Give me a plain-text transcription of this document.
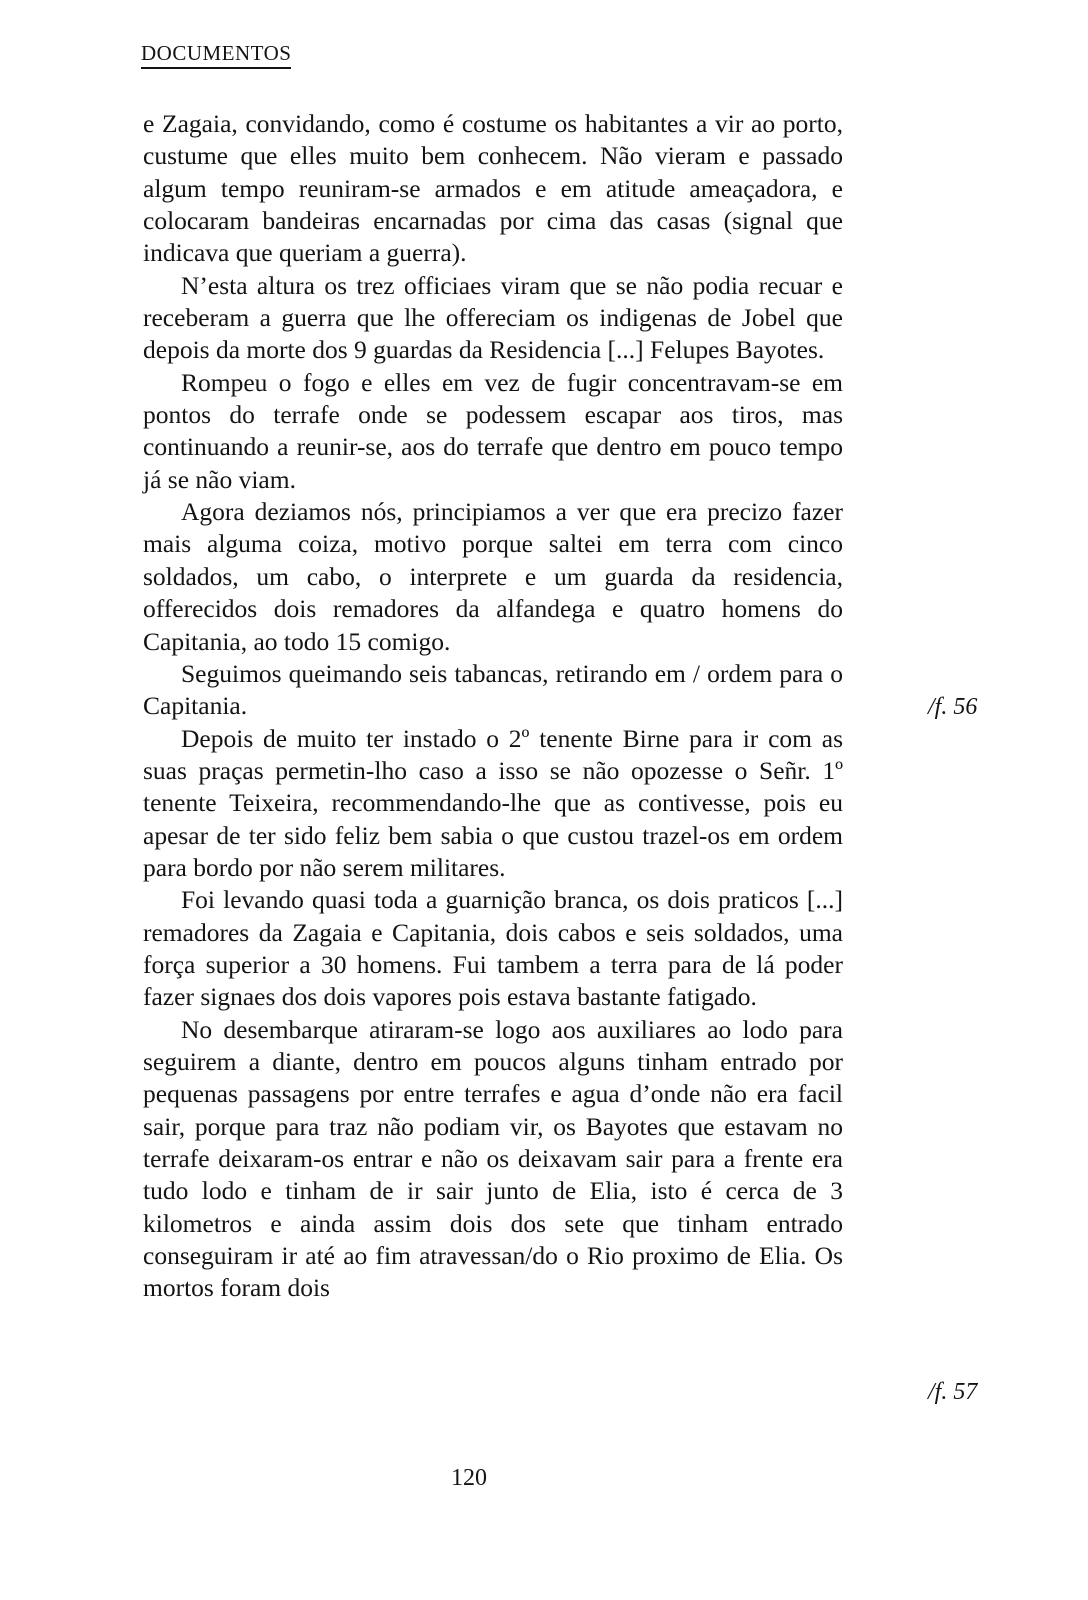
DOCUMENTOS

e Zagaia, convidando, como é costume os habitantes a vir ao porto, custume que elles muito bem conhecem. Não vieram e passado algum tempo reuniram-se armados e em atitude ameaçadora, e colocaram bandeiras encarnadas por cima das casas (signal que indicava que queriam a guerra).

N’esta altura os trez officiaes viram que se não podia recuar e receberam a guerra que lhe offereciam os indigenas de Jobel que depois da morte dos 9 guardas da Residencia [...] Felupes Bayotes.

Rompeu o fogo e elles em vez de fugir concentravam-se em pontos do terrafe onde se podessem escapar aos tiros, mas continuando a reunir-se, aos do terrafe que dentro em pouco tempo já se não viam.

Agora deziamos nós, principiamos a ver que era precizo fazer mais alguma coiza, motivo porque saltei em terra com cinco soldados, um cabo, o interprete e um guarda da residencia, offerecidos dois remadores da alfandega e quatro homens do Capitania, ao todo 15 comigo.

Seguimos queimando seis tabancas, retirando em / ordem para o Capitania.

Depois de muito ter instado o 2º tenente Birne para ir com as suas praças permetin-lho caso a isso se não opozesse o Señr. 1º tenente Teixeira, recommendando-lhe que as contivesse, pois eu apesar de ter sido feliz bem sabia o que custou trazel-os em ordem para bordo por não serem militares.

Foi levando quasi toda a guarnição branca, os dois praticos [...] remadores da Zagaia e Capitania, dois cabos e seis soldados, uma força superior a 30 homens. Fui tambem a terra para de lá poder fazer signaes dos dois vapores pois estava bastante fatigado.

No desembarque atiraram-se logo aos auxiliares ao lodo para seguirem a diante, dentro em poucos alguns tinham entrado por pequenas passagens por entre terrafes e agua d’onde não era facil sair, porque para traz não podiam vir, os Bayotes que estavam no terrafe deixaram-os entrar e não os deixavam sair para a frente era tudo lodo e tinham de ir sair junto de Elia, isto é cerca de 3 kilometros e ainda assim dois dos sete que tinham entrado conseguiram ir até ao fim atravessan/do o Rio proximo de Elia. Os mortos foram dois

/f. 56
/f. 57
120
